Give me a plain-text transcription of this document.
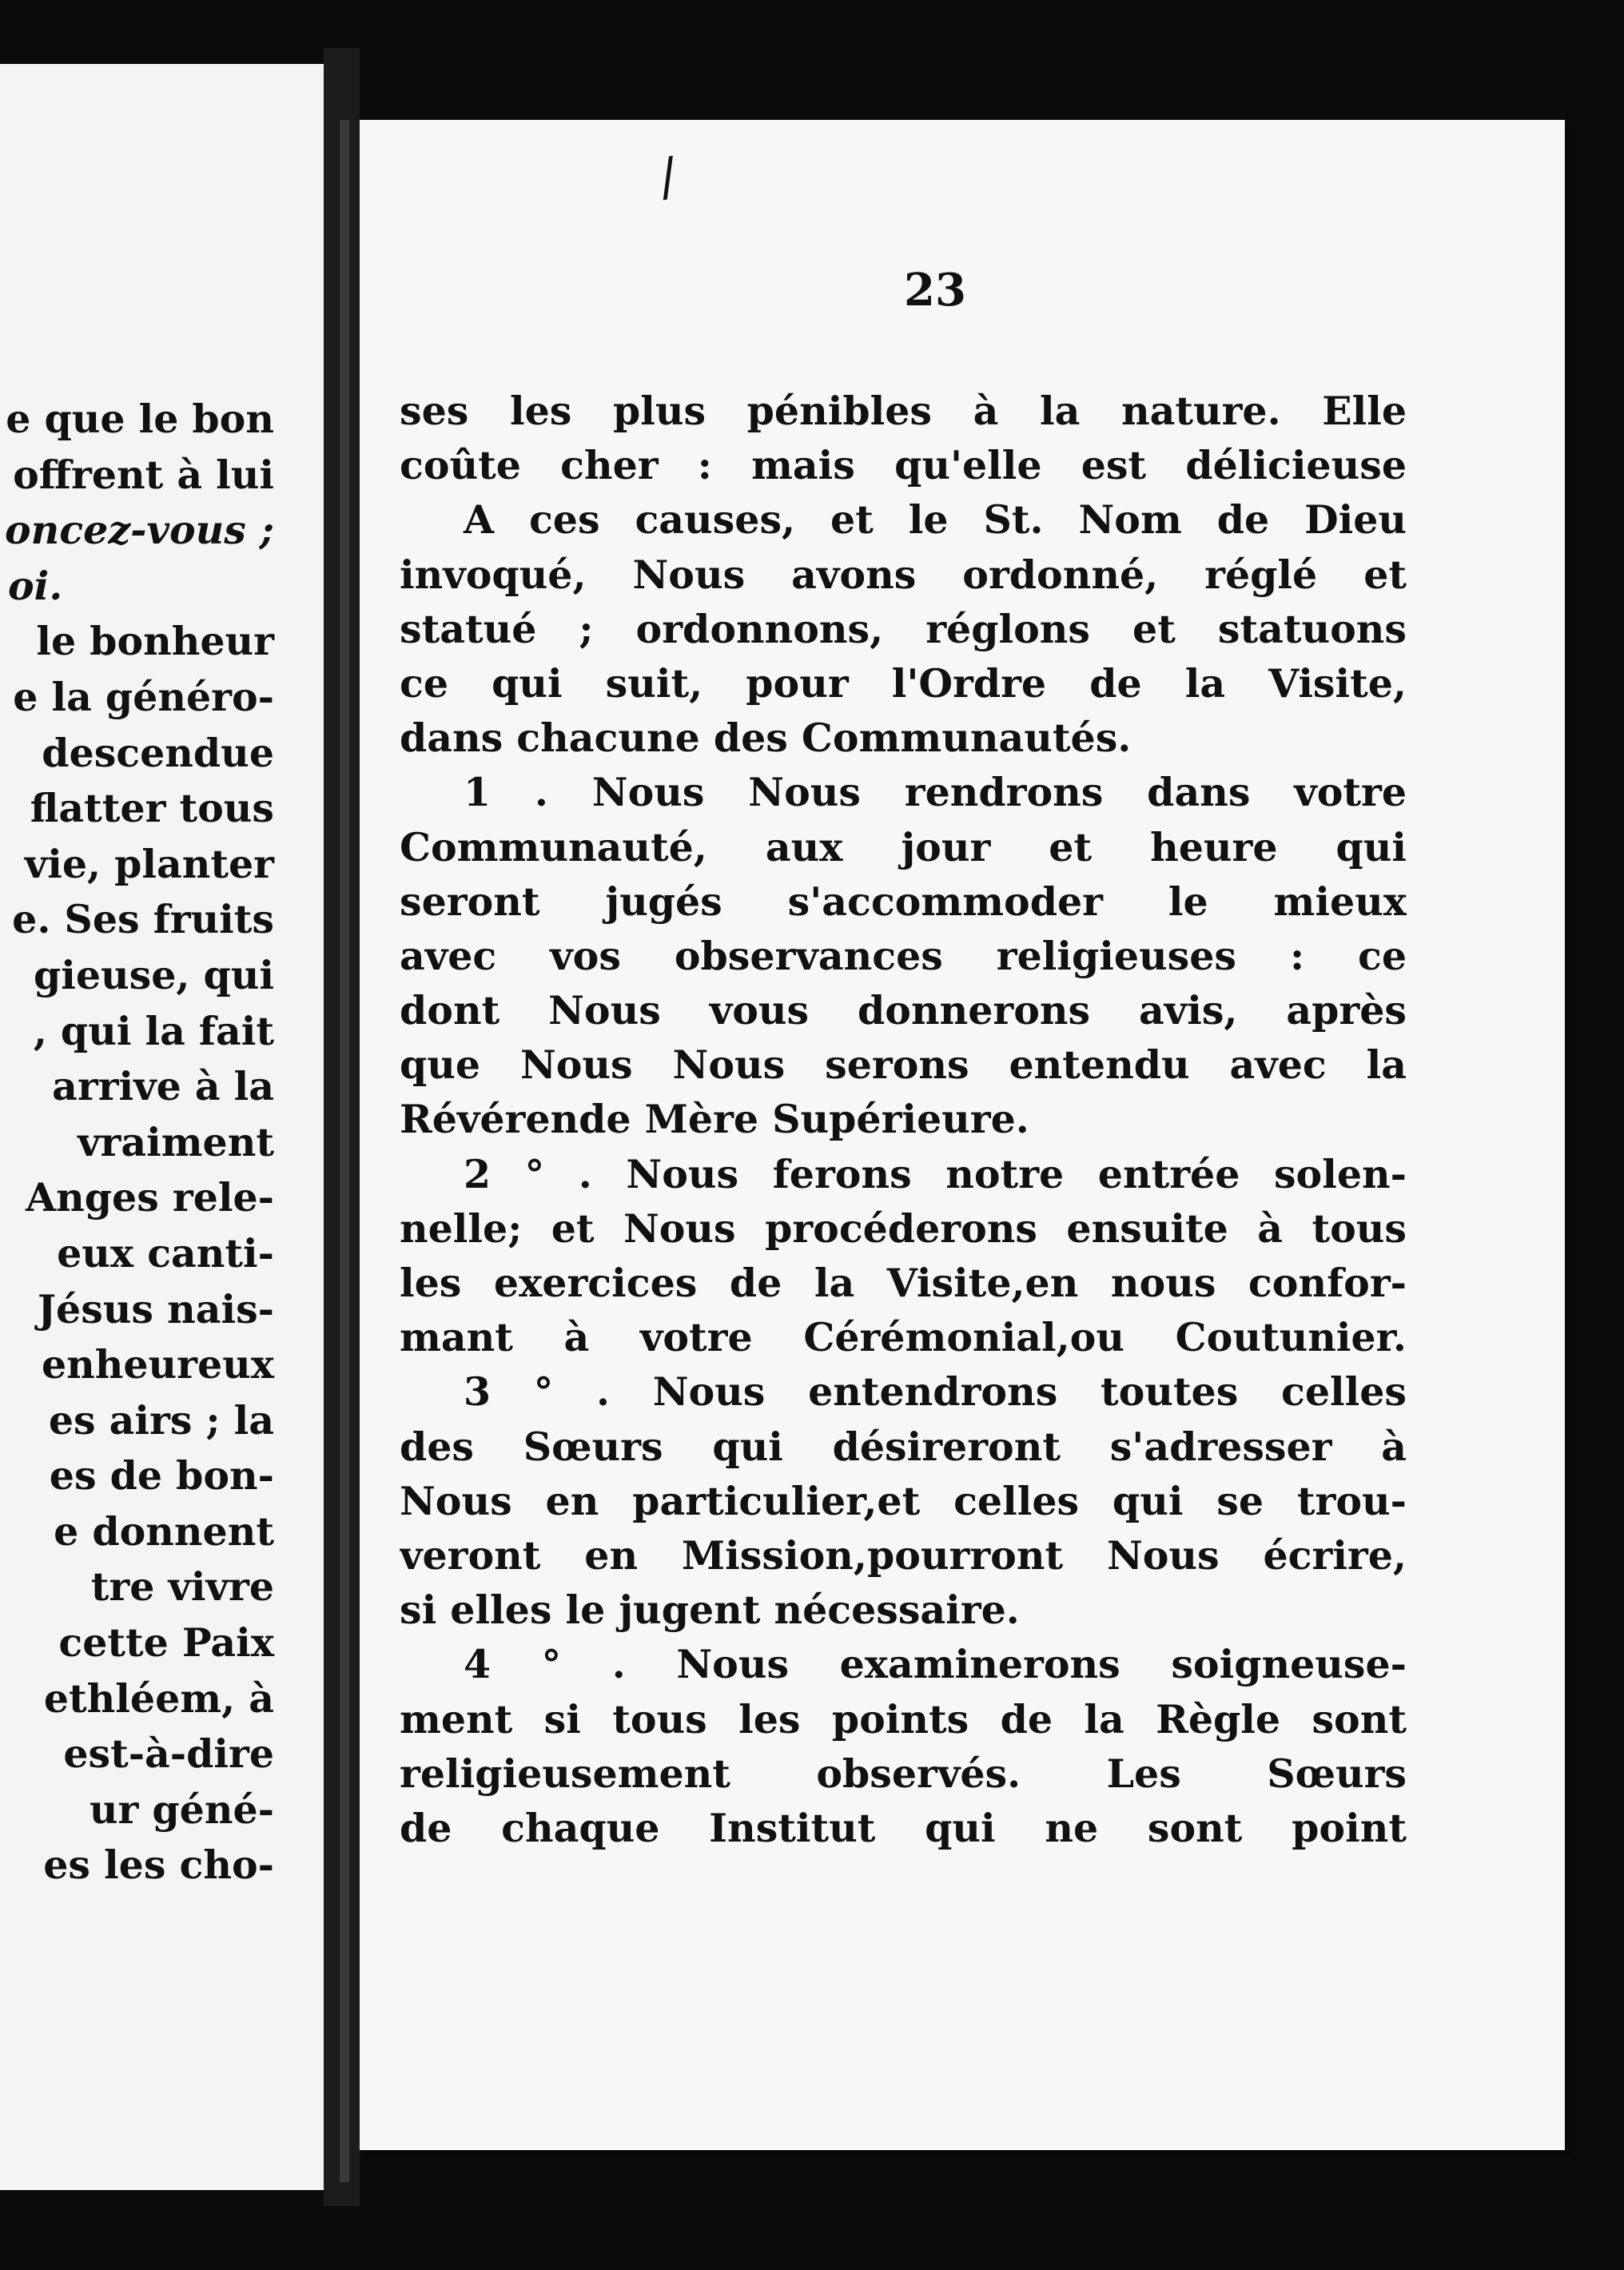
e que le bon
offrent à lui
oncez-vous ;
oi.
le bonheur
e la généro-
descendue
flatter tous
vie, planter
e. Ses fruits
gieuse, qui
, qui la fait
arrive à la
vraiment
Anges rele-
eux canti-
Jésus nais-
enheureux
es airs ; la
es de bon-
e donnent
tre vivre
cette Paix
ethléem, à
est-à-dire
ur géné-
es les cho-
/
23
ses les plus pénibles à la nature. Elle
coûte cher : mais qu'elle est délicieuse
A ces causes, et le St. Nom de Dieu
invoqué, Nous avons ordonné, réglé et
statué ; ordonnons, réglons et statuons
ce qui suit, pour l'Ordre de la Visite,
dans chacune des Communautés.
1 . Nous Nous rendrons dans votre
Communauté, aux jour et heure qui
seront jugés s'accommoder le mieux
avec vos observances religieuses : ce
dont Nous vous donnerons avis, après
que Nous Nous serons entendu avec la
Révérende Mère Supérieure.
2 ° . Nous ferons notre entrée solen-
nelle; et Nous procéderons ensuite à tous
les exercices de la Visite,en nous confor-
mant à votre Cérémonial,ou Coutunier.
3 ° . Nous entendrons toutes celles
des Sœurs qui désireront s'adresser à
Nous en particulier,et celles qui se trou-
veront en Mission,pourront Nous écrire,
si elles le jugent nécessaire.
4 ° . Nous examinerons soigneuse-
ment si tous les points de la Règle sont
religieusement observés. Les Sœurs
de chaque Institut qui ne sont point
